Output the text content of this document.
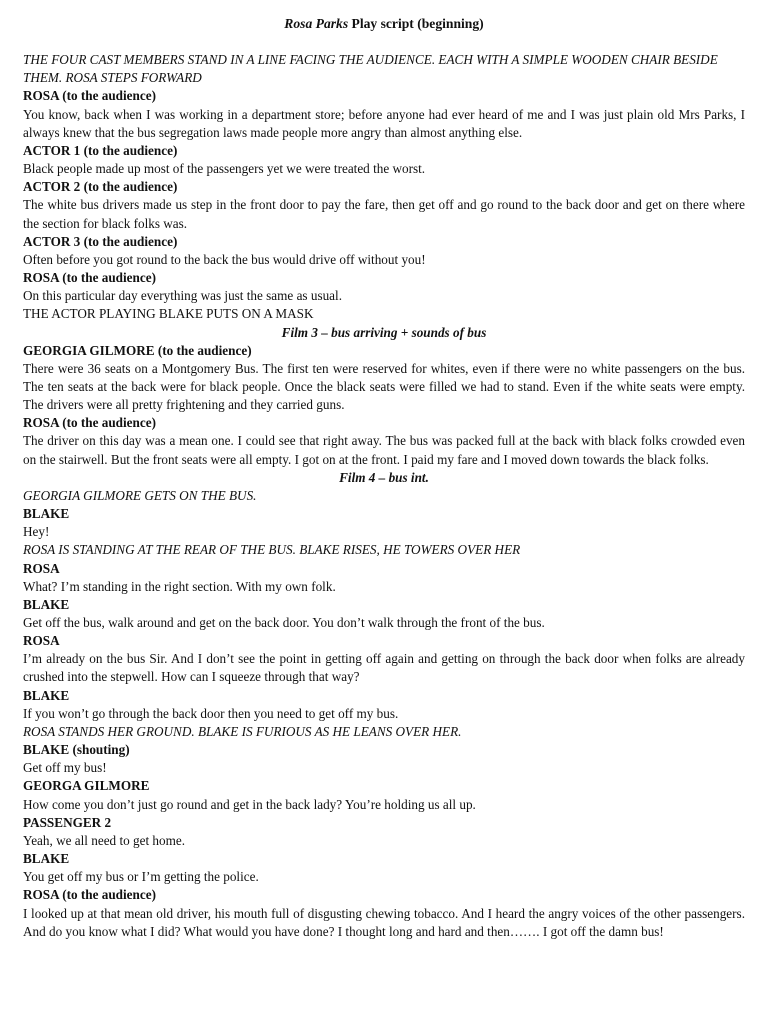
Rosa Parks Play script (beginning)
THE FOUR CAST MEMBERS STAND IN A LINE FACING THE AUDIENCE. EACH WITH A SIMPLE WOODEN CHAIR BESIDE THEM. ROSA STEPS FORWARD
ROSA (to the audience)
You know, back when I was working in a department store; before anyone had ever heard of me and I was just plain old Mrs Parks, I always knew that the bus segregation laws made people more angry than almost anything else.
ACTOR 1 (to the audience)
Black people made up most of the passengers yet we were treated the worst.
ACTOR 2 (to the audience)
The white bus drivers made us step in the front door to pay the fare, then get off and go round to the back door and get on there where the section for black folks was.
ACTOR 3 (to the audience)
Often before you got round to the back the bus would drive off without you!
ROSA (to the audience)
On this particular day everything was just the same as usual.
THE ACTOR PLAYING BLAKE PUTS ON A MASK
Film 3 – bus arriving + sounds of bus
GEORGIA GILMORE (to the audience)
There were 36 seats on a Montgomery Bus. The first ten were reserved for whites, even if there were no white passengers on the bus. The ten seats at the back were for black people. Once the black seats were filled we had to stand. Even if the white seats were empty. The drivers were all pretty frightening and they carried guns.
ROSA (to the audience)
The driver on this day was a mean one. I could see that right away. The bus was packed full at the back with black folks crowded even on the stairwell. But the front seats were all empty. I got on at the front. I paid my fare and I moved down towards the black folks.
Film 4 – bus int.
GEORGIA GILMORE GETS ON THE BUS.
BLAKE
Hey!
ROSA IS STANDING AT THE REAR OF THE BUS. BLAKE RISES, HE TOWERS OVER HER
ROSA
What? I’m standing in the right section. With my own folk.
BLAKE
Get off the bus, walk around and get on the back door. You don’t walk through the front of the bus.
ROSA
I’m already on the bus Sir. And I don’t see the point in getting off again and getting on through the back door when folks are already crushed into the stepwell. How can I squeeze through that way?
BLAKE
If you won’t go through the back door then you need to get off my bus.
ROSA STANDS HER GROUND. BLAKE IS FURIOUS AS HE LEANS OVER HER.
BLAKE (shouting)
Get off my bus!
GEORGA GILMORE
How come you don’t just go round and get in the back lady? You’re holding us all up.
PASSENGER 2
Yeah, we all need to get home.
BLAKE
You get off my bus or I’m getting the police.
ROSA (to the audience)
I looked up at that mean old driver, his mouth full of disgusting chewing tobacco. And I heard the angry voices of the other passengers. And do you know what I did? What would you have done? I thought long and hard and then……. I got off the damn bus!
